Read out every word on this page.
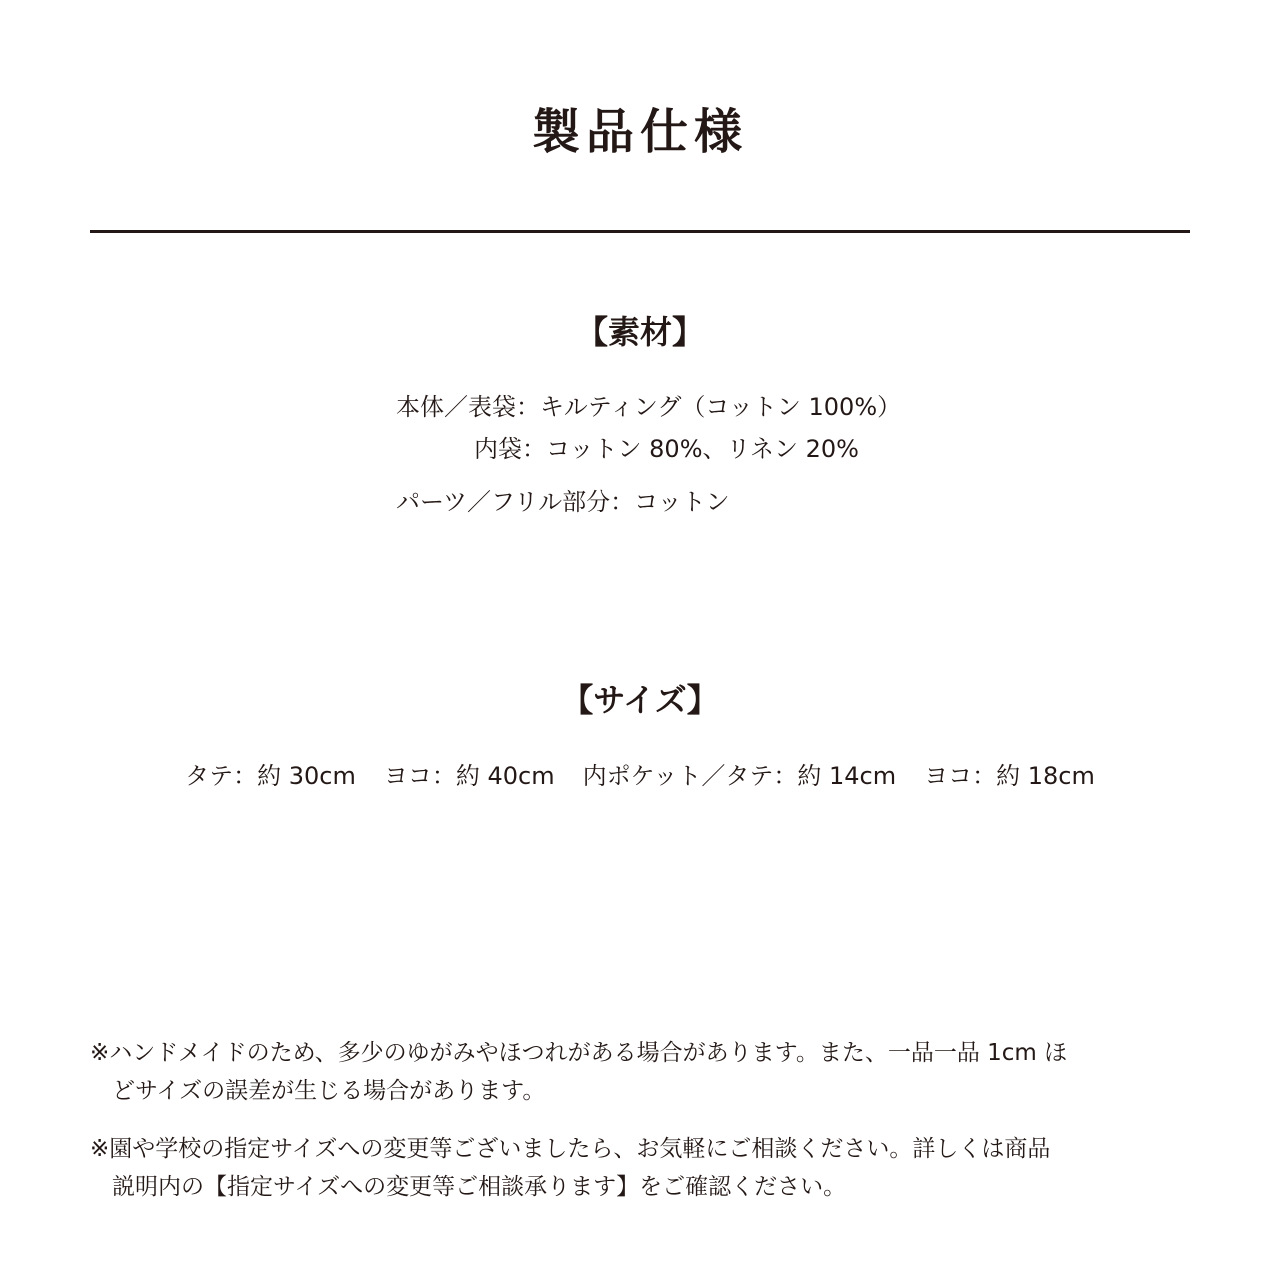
製品仕様
【素材】
本体／表袋：キルティング（コットン 100%）
内袋：コットン 80%、リネン 20%
パーツ／フリル部分：コットン
【サイズ】
タテ：約 30cm ヨコ：約 40cm 内ポケット／タテ：約 14cm ヨコ：約 18cm
※ハンドメイドのため、多少のゆがみやほつれがある場合があります。また、一品一品 1cm ほ
どサイズの誤差が生じる場合があります。
※園や学校の指定サイズへの変更等ございましたら、お気軽にご相談ください。詳しくは商品
説明内の【指定サイズへの変更等ご相談承ります】をご確認ください。
